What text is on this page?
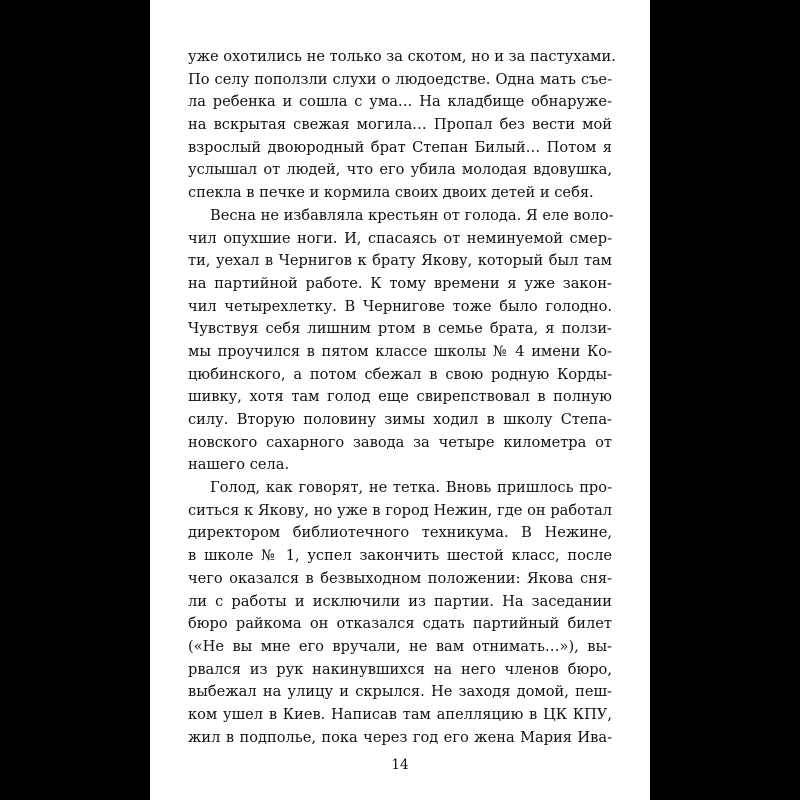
уже охотились не только за скотом, но и за пастухами.
По селу поползли слухи о людоедстве. Одна мать съе-
ла ребенка и сошла с ума… На кладбище обнаруже-
на вскрытая свежая могила… Пропал без вести мой
взрослый двоюродный брат Степан Билый… Потом я
услышал от людей, что его убила молодая вдовушка,
спекла в печке и кормила своих двоих детей и себя.
Весна не избавляла крестьян от голода. Я еле воло-
чил опухшие ноги. И, спасаясь от неминуемой смер-
ти, уехал в Чернигов к брату Якову, который был там
на партийной работе. К тому времени я уже закон-
чил четырехлетку. В Чернигове тоже было голодно.
Чувствуя себя лишним ртом в семье брата, я ползи-
мы проучился в пятом классе школы № 4 имени Ко-
цюбинского, а потом сбежал в свою родную Корды-
шивку, хотя там голод еще свирепствовал в полную
силу. Вторую половину зимы ходил в школу Степа-
новского сахарного завода за четыре километра от
нашего села.
Голод, как говорят, не тетка. Вновь пришлось про-
ситься к Якову, но уже в город Нежин, где он работал
директором библиотечного техникума. В Нежине,
в школе № 1, успел закончить шестой класс, после
чего оказался в безвыходном положении: Якова сня-
ли с работы и исключили из партии. На заседании
бюро райкома он отказался сдать партийный билет
(«Не вы мне его вручали, не вам отнимать…»), вы-
рвался из рук накинувшихся на него членов бюро,
выбежал на улицу и скрылся. Не заходя домой, пеш-
ком ушел в Киев. Написав там апелляцию в ЦК КПУ,
жил в подполье, пока через год его жена Мария Ива-
14
